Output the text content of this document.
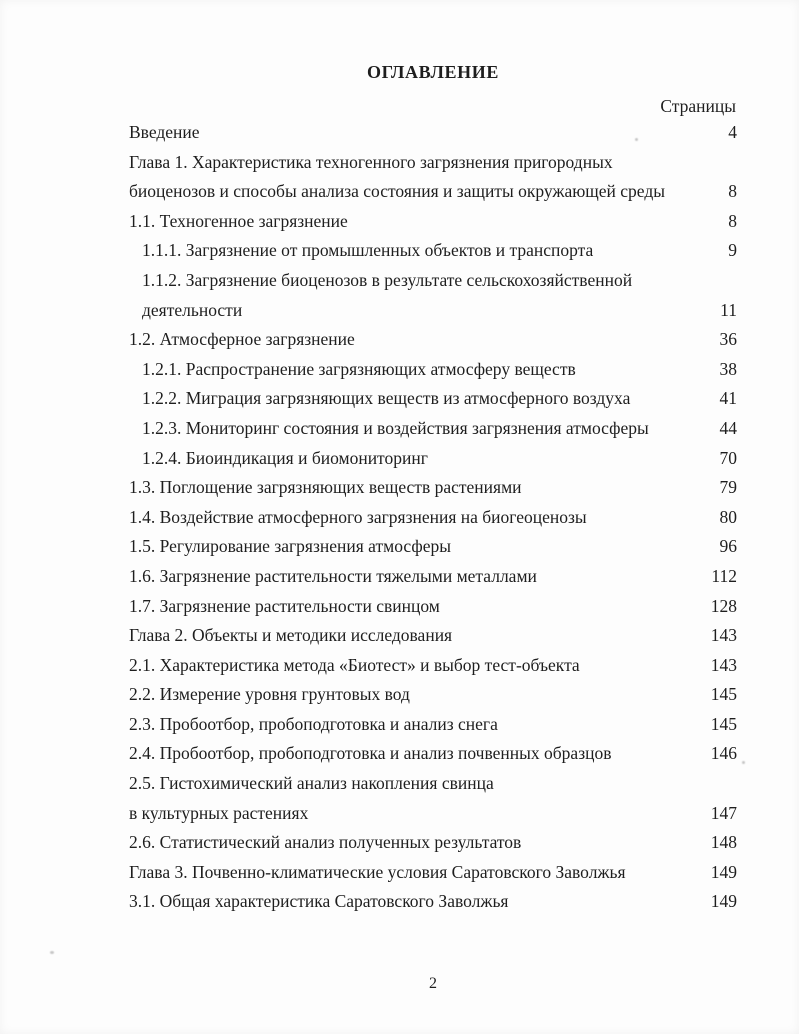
ОГЛАВЛЕНИЕ
Страницы
Введение	4
Глава 1. Характеристика техногенного загрязнения пригородных
биоценозов и способы анализа состояния и защиты окружающей среды	8
1.1. Техногенное загрязнение	8
1.1.1. Загрязнение от промышленных объектов и транспорта	9
1.1.2. Загрязнение биоценозов в результате сельскохозяйственной
деятельности	11
1.2. Атмосферное загрязнение	36
1.2.1. Распространение загрязняющих атмосферу веществ	38
1.2.2. Миграция загрязняющих веществ из атмосферного воздуха	41
1.2.3. Мониторинг состояния и воздействия загрязнения атмосферы	44
1.2.4. Биоиндикация и биомониторинг	70
1.3. Поглощение загрязняющих веществ растениями	79
1.4. Воздействие атмосферного загрязнения на биогеоценозы	80
1.5. Регулирование загрязнения атмосферы	96
1.6. Загрязнение растительности тяжелыми металлами	112
1.7. Загрязнение растительности свинцом	128
Глава 2. Объекты и методики исследования	143
2.1. Характеристика метода «Биотест» и выбор тест-объекта	143
2.2. Измерение уровня грунтовых вод	145
2.3. Пробоотбор, пробоподготовка и анализ снега	145
2.4. Пробоотбор, пробоподготовка и анализ почвенных образцов	146
2.5. Гистохимический анализ накопления свинца
в культурных растениях	147
2.6. Статистический анализ полученных результатов	148
Глава 3. Почвенно-климатические условия Саратовского Заволжья	149
3.1. Общая характеристика Саратовского Заволжья	149
2
